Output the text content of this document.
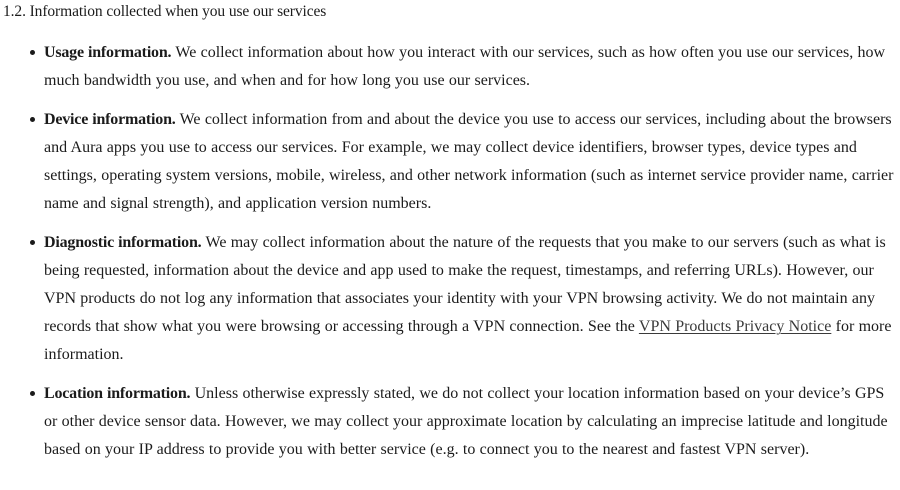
1.2. Information collected when you use our services
Usage information. We collect information about how you interact with our services, such as how often you use our services, how much bandwidth you use, and when and for how long you use our services.
Device information. We collect information from and about the device you use to access our services, including about the browsers and Aura apps you use to access our services. For example, we may collect device identifiers, browser types, device types and settings, operating system versions, mobile, wireless, and other network information (such as internet service provider name, carrier name and signal strength), and application version numbers.
Diagnostic information. We may collect information about the nature of the requests that you make to our servers (such as what is being requested, information about the device and app used to make the request, timestamps, and referring URLs). However, our VPN products do not log any information that associates your identity with your VPN browsing activity. We do not maintain any records that show what you were browsing or accessing through a VPN connection. See the VPN Products Privacy Notice for more information.
Location information. Unless otherwise expressly stated, we do not collect your location information based on your device’s GPS or other device sensor data. However, we may collect your approximate location by calculating an imprecise latitude and longitude based on your IP address to provide you with better service (e.g. to connect you to the nearest and fastest VPN server).
